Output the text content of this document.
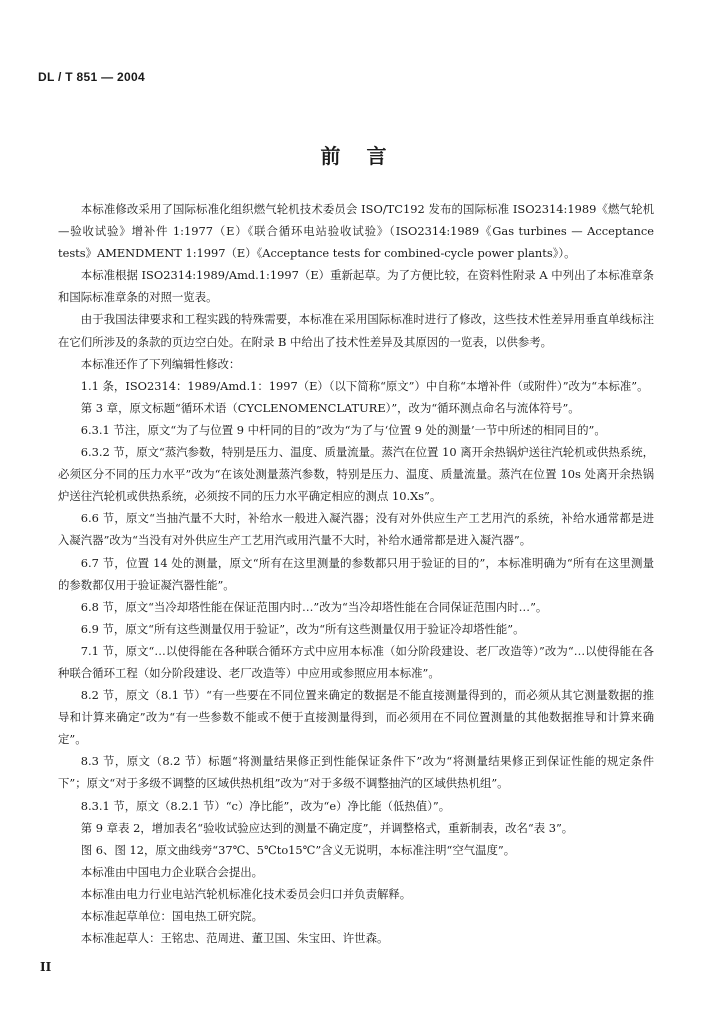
DL / T 851 — 2004
前言

本标准修改采用了国际标准化组织燃气轮机技术委员会 ISO/TC192 发布的国际标准 ISO2314:1989《燃气轮机—验收试验》增补件 1:1977（E）《联合循环电站验收试验》（ISO2314:1989《Gas turbines — Acceptance tests》AMENDMENT 1:1997（E）《Acceptance tests for combined-cycle power plants》）。

本标准根据 ISO2314:1989/Amd.1:1997（E）重新起草。为了方便比较，在资料性附录 A 中列出了本标准章条和国际标准章条的对照一览表。

由于我国法律要求和工程实践的特殊需要，本标准在采用国际标准时进行了修改，这些技术性差异用垂直单线标注在它们所涉及的条款的页边空白处。在附录 B 中给出了技术性差异及其原因的一览表，以供参考。

本标准还作了下列编辑性修改：

1.1 条，ISO2314：1989/Amd.1：1997（E）（以下简称“原文”）中自称“本增补件（或附件）”改为“本标准”。

第 3 章，原文标题“循环术语（CYCLENOMENCLATURE）”，改为“循环测点命名与流体符号”。

6.3.1 节注，原文“为了与位置 9 中杆同的目的”改为“为了与‘位置 9 处的测量’一节中所述的相同目的”。

6.3.2 节，原文“蒸汽参数，特别是压力、温度、质量流量。蒸汽在位置 10 离开余热锅炉送往汽轮机或供热系统，必须区分不同的压力水平”改为“在该处测量蒸汽参数，特别是压力、温度、质量流量。蒸汽在位置 10s 处离开余热锅炉送往汽轮机或供热系统，必须按不同的压力水平确定相应的测点 10.Xs”。

6.6 节，原文“当抽汽量不大时，补给水一般进入凝汽器；没有对外供应生产工艺用汽的系统，补给水通常都是进入凝汽器”改为“当没有对外供应生产工艺用汽或用汽量不大时，补给水通常都是进入凝汽器”。

6.7 节，位置 14 处的测量，原文“所有在这里测量的参数都只用于验证的目的”，本标准明确为“所有在这里测量的参数都仅用于验证凝汽器性能”。

6.8 节，原文“当冷却塔性能在保证范围内时…”改为“当冷却塔性能在合同保证范围内时…”。

6.9 节，原文“所有这些测量仅用于验证”，改为“所有这些测量仅用于验证冷却塔性能”。

7.1 节，原文“…以使得能在各种联合循环方式中应用本标准（如分阶段建设、老厂改造等）”改为“…以使得能在各种联合循环工程（如分阶段建设、老厂改造等）中应用或参照应用本标准”。

8.2 节，原文（8.1 节）“有一些要在不同位置来确定的数据是不能直接测量得到的，而必须从其它测量数据的推导和计算来确定”改为“有一些参数不能或不便于直接测量得到，而必须用在不同位置测量的其他数据推导和计算来确定”。

8.3 节，原文（8.2 节）标题“将测量结果修正到性能保证条件下”改为“将测量结果修正到保证性能的规定条件下”；原文“对于多级不调整的区域供热机组”改为“对于多级不调整抽汽的区域供热机组”。

8.3.1 节，原文（8.2.1 节）“c）净比能”，改为“e）净比能（低热值）”。

第 9 章表 2，增加表名“验收试验应达到的测量不确定度”，并调整格式，重新制表，改名“表 3”。

图 6、图 12，原文曲线旁“37℃、5℃to15℃”含义无说明，本标准注明“空气温度”。

本标准由中国电力企业联合会提出。

本标准由电力行业电站汽轮机标准化技术委员会归口并负责解释。

本标准起草单位：国电热工研究院。

本标准起草人：王铭忠、范周进、董卫国、朱宝田、许世森。

II
